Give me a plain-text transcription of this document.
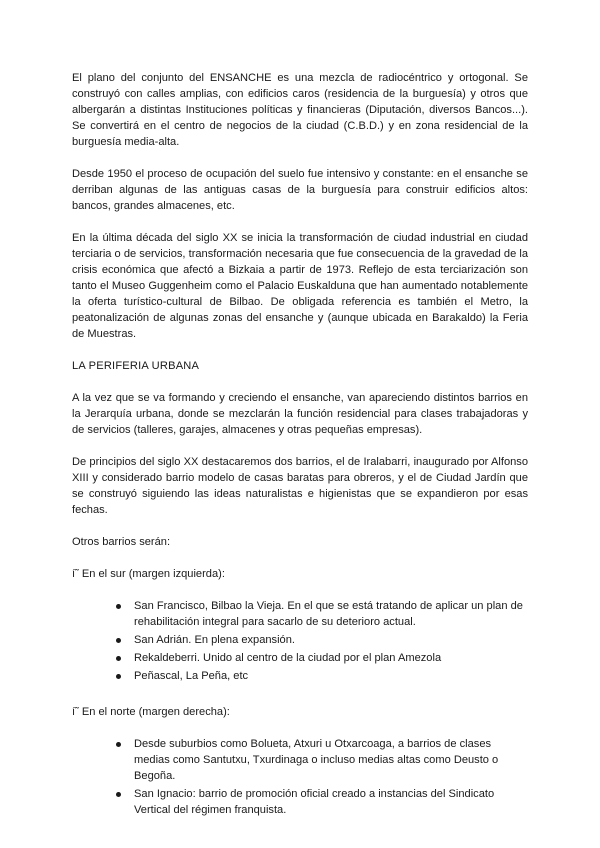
El plano del conjunto del ENSANCHE es una mezcla de radiocéntrico y ortogonal. Se construyó con calles amplias, con edificios caros (residencia de la burguesía) y otros que albergarán a distintas Instituciones políticas y financieras (Diputación, diversos Bancos...). Se convertirá en el centro de negocios de la ciudad (C.B.D.) y en zona residencial de la burguesía media-alta.

Desde 1950 el proceso de ocupación del suelo fue intensivo y constante: en el ensanche se derriban algunas de las antiguas casas de la burguesía para construir edificios altos: bancos, grandes almacenes, etc.

En la última década del siglo XX se inicia la transformación de ciudad industrial en ciudad terciaria o de servicios, transformación necesaria que fue consecuencia de la gravedad de la crisis económica que afectó a Bizkaia a partir de 1973. Reflejo de esta terciarización son tanto el Museo Guggenheim como el Palacio Euskalduna que han aumentado notablemente la oferta turístico-cultural de Bilbao. De obligada referencia es también el Metro, la peatonalización de algunas zonas del ensanche y (aunque ubicada en Barakaldo) la Feria de Muestras.

LA PERIFERIA URBANA

A la vez que se va formando y creciendo el ensanche, van apareciendo distintos barrios en la Jerarquía urbana, donde se mezclarán la función residencial para clases trabajadoras y de servicios (talleres, garajes, almacenes y otras pequeñas empresas).

De principios del siglo XX destacaremos dos barrios, el de Iralabarri, inaugurado por Alfonso XIII y considerado barrio modelo de casas baratas para obreros, y el de Ciudad Jardín que se construyó siguiendo las ideas naturalistas e higienistas que se expandieron por esas fechas.

Otros barrios serán:

í˜ En el sur (margen izquierda):

San Francisco, Bilbao la Vieja. En el que se está tratando de aplicar un plan de rehabilitación integral para sacarlo de su deterioro actual.
San Adrián. En plena expansión.
Rekaldeberri. Unido al centro de la ciudad por el plan Amezola
Peñascal, La Peña, etc

í˜ En el norte (margen derecha):

Desde suburbios como Bolueta, Atxuri u Otxarcoaga, a barrios de clases medias como Santutxu, Txurdinaga o incluso medias altas como Deusto o Begoña.
San Ignacio: barrio de promoción oficial creado a instancias del Sindicato Vertical del régimen franquista.
